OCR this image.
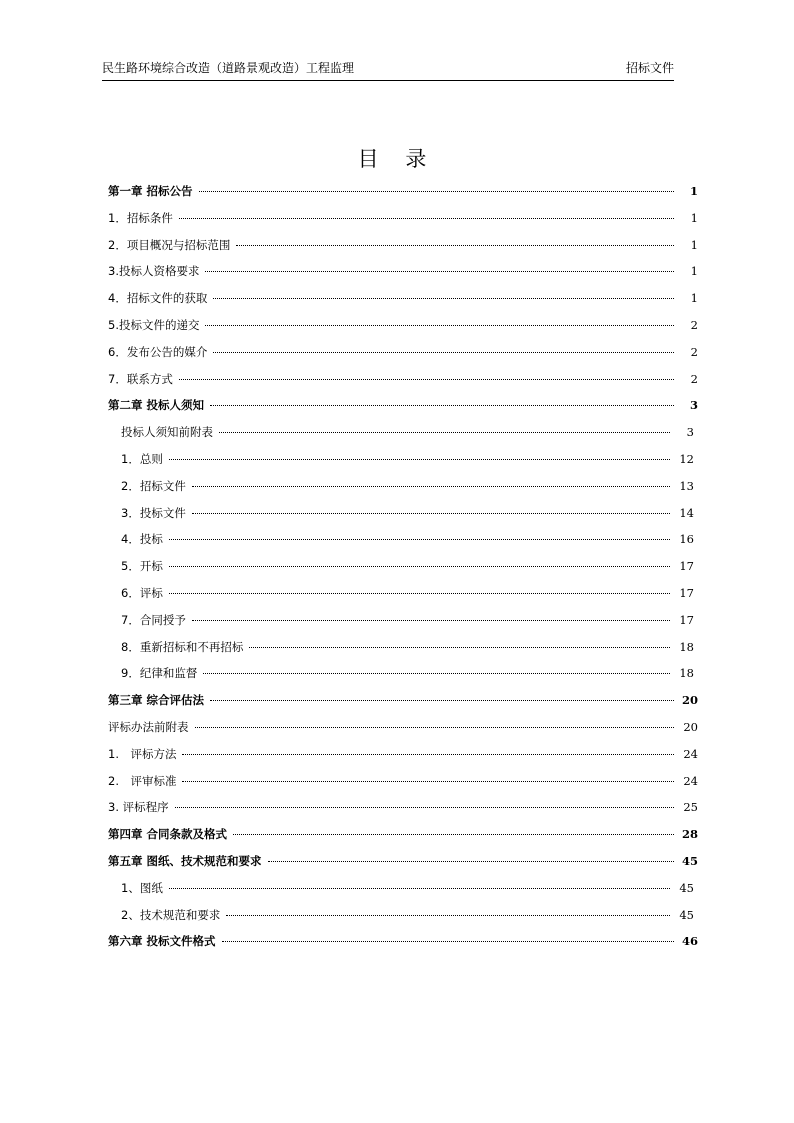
民生路环境综合改造（道路景观改造）工程监理	招标文件
目 录
第一章 招标公告	1
1．招标条件	1
2．项目概况与招标范围	1
3.投标人资格要求	1
4．招标文件的获取	1
5.投标文件的递交	2
6．发布公告的媒介	2
7．联系方式	2
第二章 投标人须知	3
投标人须知前附表	3
1．总则	12
2．招标文件	13
3．投标文件	14
4．投标	16
5．开标	17
6．评标	17
7．合同授予	17
8．重新招标和不再招标	18
9．纪律和监督	18
第三章 综合评估法	20
评标办法前附表	20
1.　评标方法	24
2.　评审标准	24
3. 评标程序	25
第四章 合同条款及格式	28
第五章 图纸、技术规范和要求	45
1、图纸	45
2、技术规范和要求	45
第六章 投标文件格式	46
